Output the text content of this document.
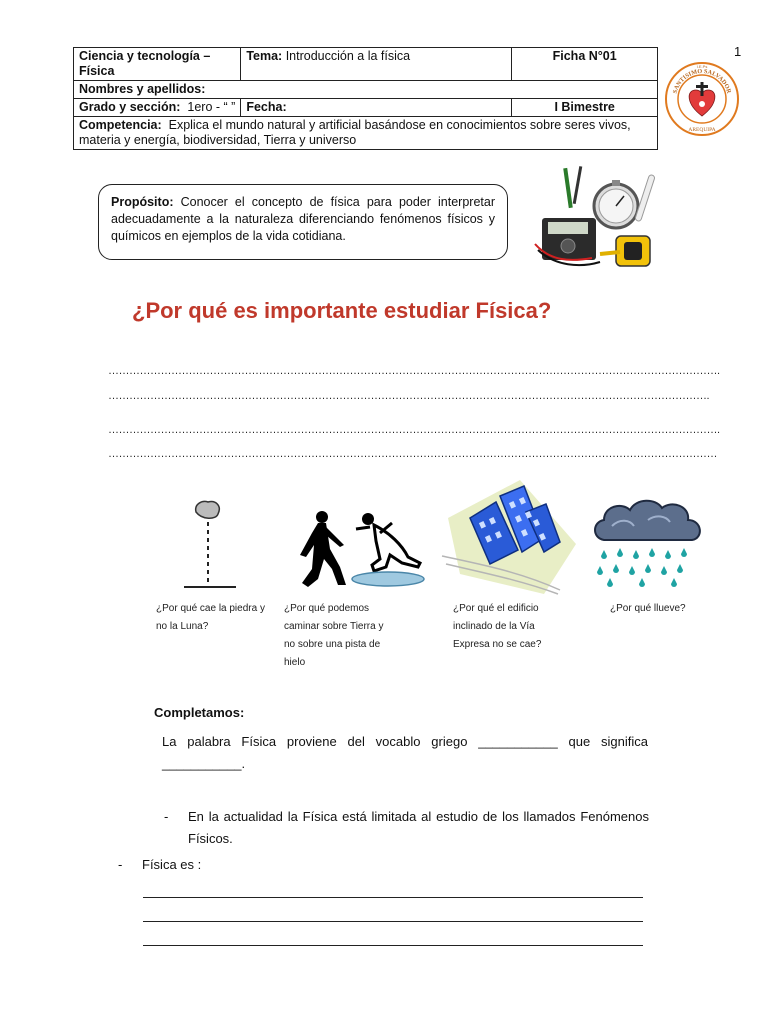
1
Ciencia y tecnología – Física	Tema: Introducción a la física	Ficha N°01
Nombres y apellidos:		
Grado y sección: 1ero - “ ”	Fecha:	I Bimestre
Competencia: Explica el mundo natural y artificial basándose en conocimientos sobre seres vivos, materia y energía, biodiversidad, Tierra y universo		
SANTISIMO SALVADOR
AREQUIPA
I.E.Ps
Propósito: Conocer el concepto de física para poder interpretar adecuadamente a la naturaleza diferenciando fenómenos físicos y químicos en ejemplos de la vida cotidiana.
¿Por qué es importante estudiar Física?
………………………………………………………………………………………………………………………………………………………….
……………………………………………………………………………………………………………………………………………………….
………………………………………………………………………………………………………………………………………………………….
…………………………………………………………………………………………………………………………………………………………
¿Por qué cae la piedra y no la Luna?
¿Por qué podemos caminar sobre Tierra y no sobre una pista de hielo
¿Por qué el edificio inclinado de la Vía Expresa no se cae?
¿Por qué llueve?
Completamos:
La palabra Física proviene del vocablo griego ___________ que significa ___________.
-	En la actualidad la Física está limitada al estudio de los llamados Fenómenos Físicos.
-	Física es :
